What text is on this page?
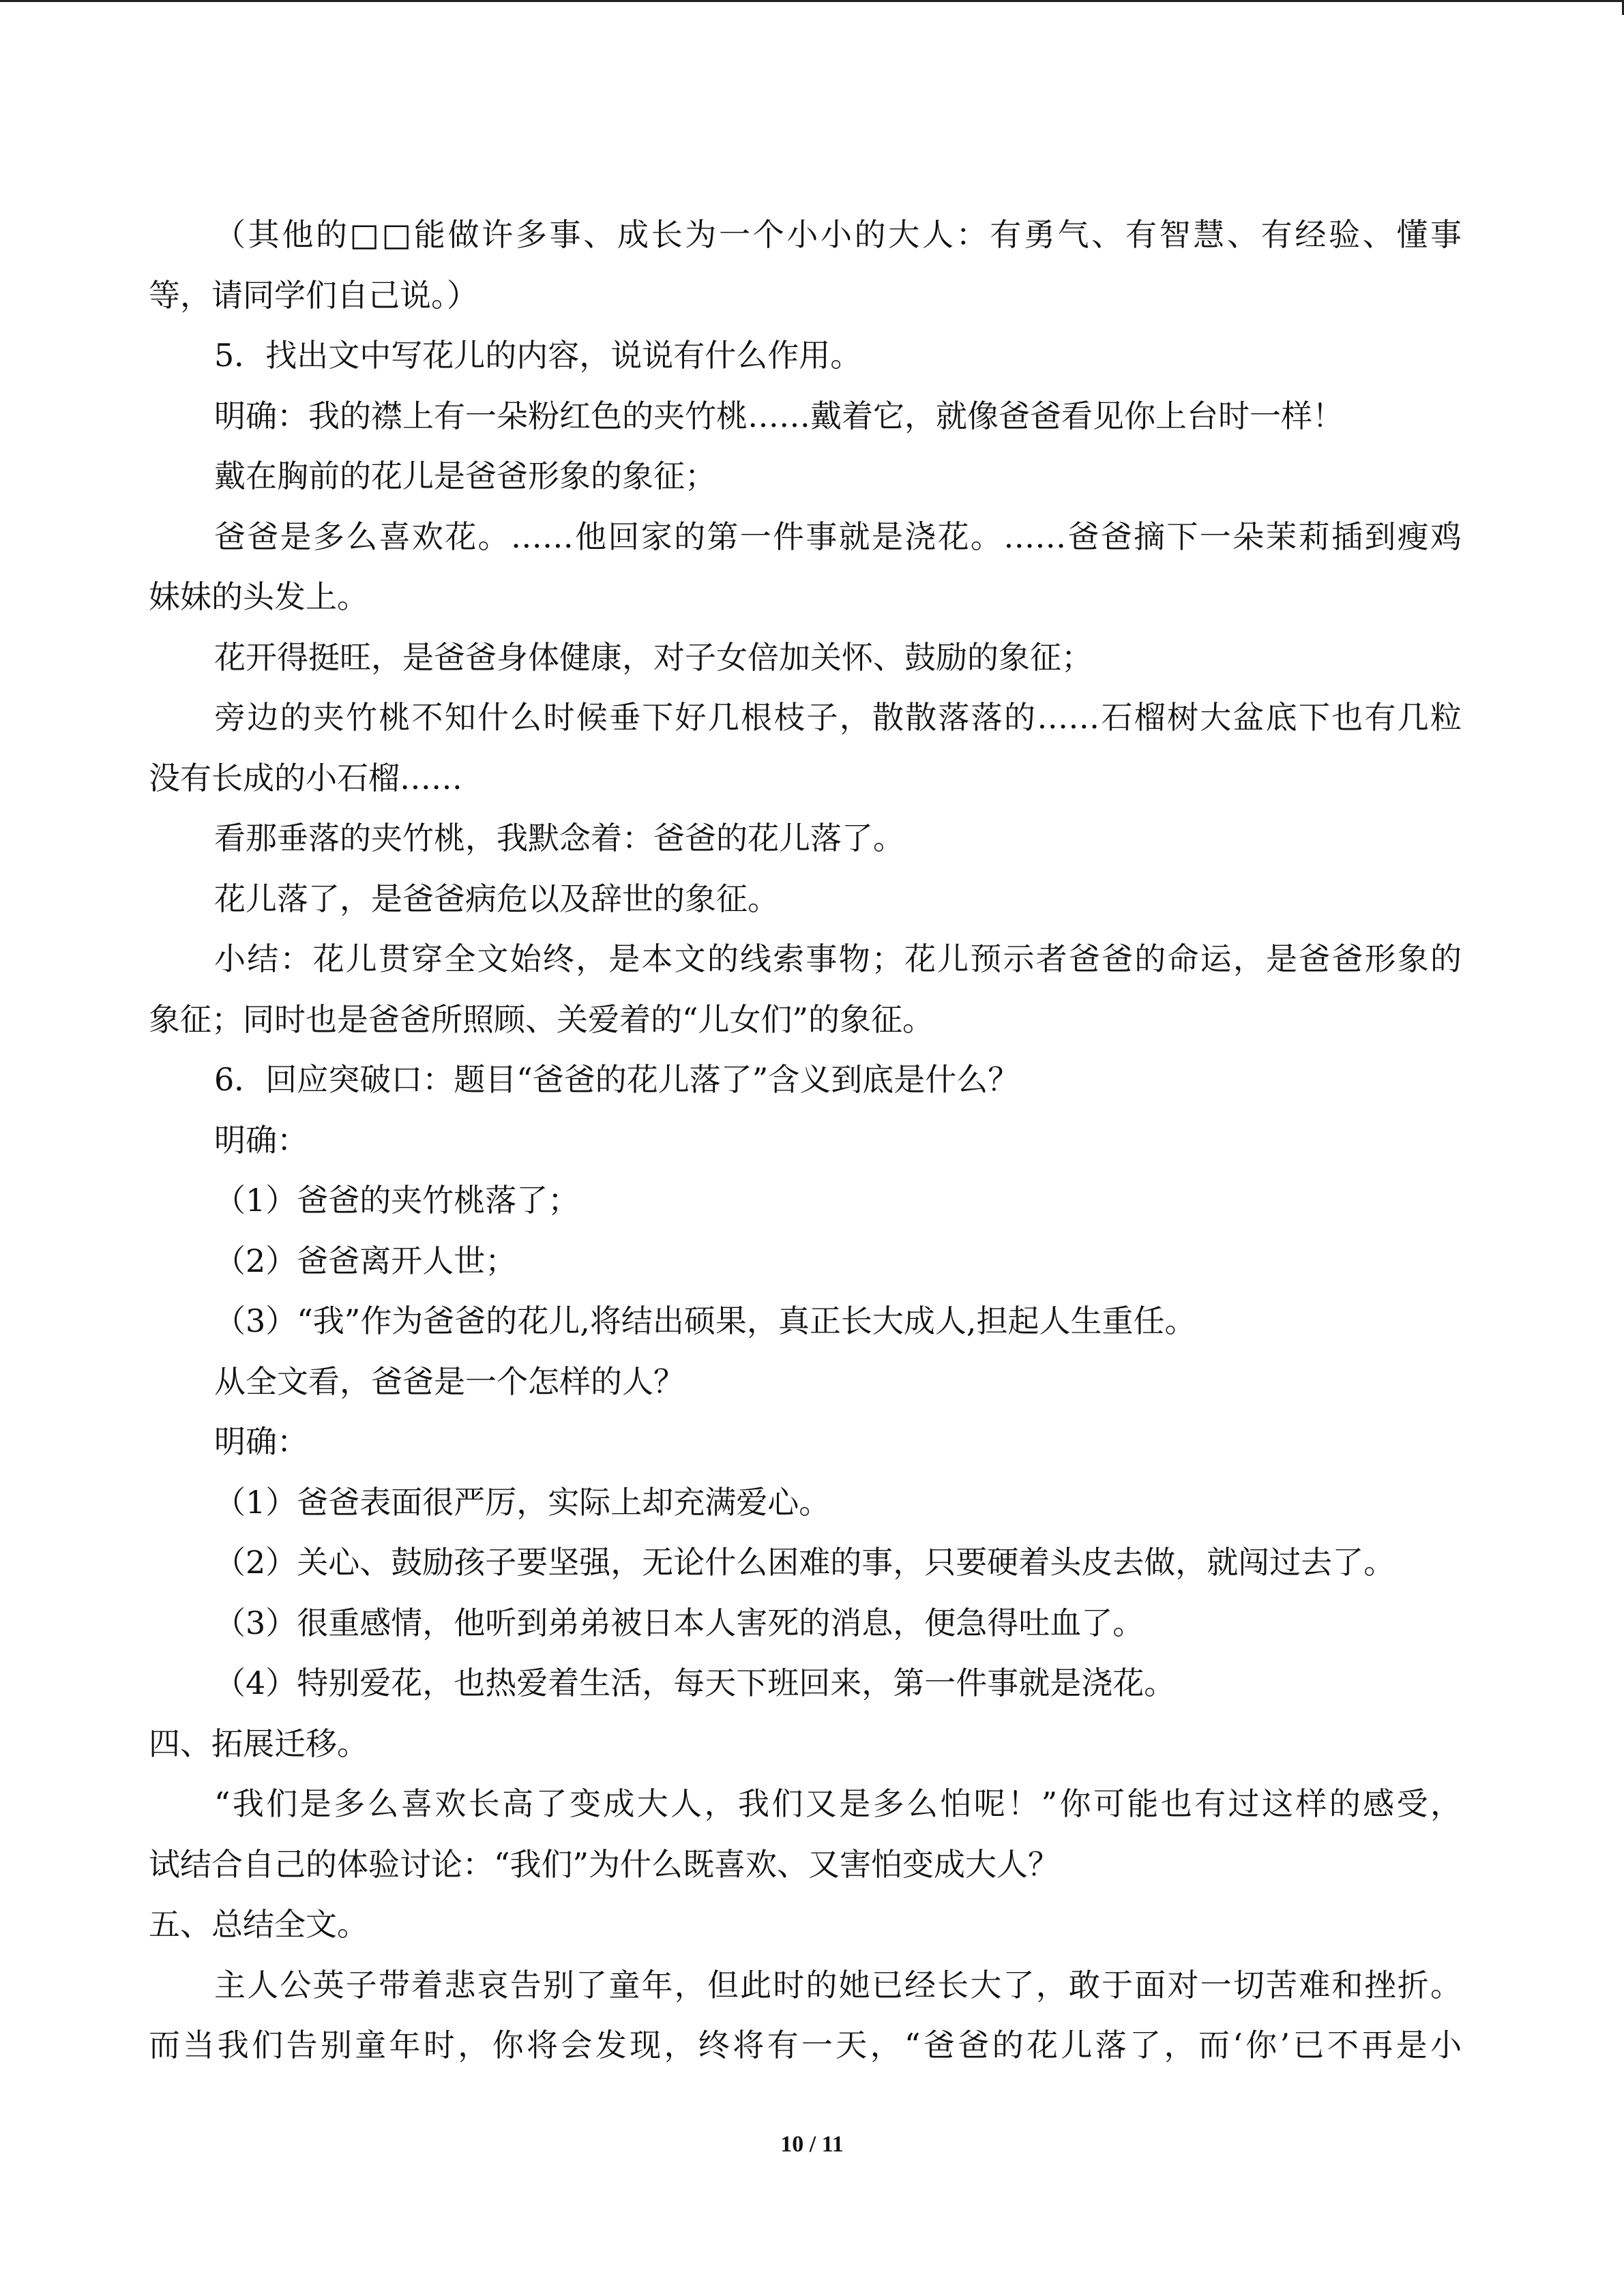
（其他的□□能做许多事、成长为一个小小的大人：有勇气、有智慧、有经验、懂事
等，请同学们自己说。）
5．找出文中写花儿的内容，说说有什么作用。
明确：我的襟上有一朵粉红色的夹竹桃……戴着它，就像爸爸看见你上台时一样！
戴在胸前的花儿是爸爸形象的象征；
爸爸是多么喜欢花。……他回家的第一件事就是浇花。……爸爸摘下一朵茉莉插到瘦鸡
妹妹的头发上。
花开得挺旺，是爸爸身体健康，对子女倍加关怀、鼓励的象征；
旁边的夹竹桃不知什么时候垂下好几根枝子，散散落落的……石榴树大盆底下也有几粒
没有长成的小石榴……
看那垂落的夹竹桃，我默念着：爸爸的花儿落了。
花儿落了，是爸爸病危以及辞世的象征。
小结：花儿贯穿全文始终，是本文的线索事物；花儿预示者爸爸的命运，是爸爸形象的
象征；同时也是爸爸所照顾、关爱着的“儿女们”的象征。
6．回应突破口：题目“爸爸的花儿落了”含义到底是什么？
明确：
（1）爸爸的夹竹桃落了；
（2）爸爸离开人世；
（3）“我”作为爸爸的花儿,将结出硕果，真正长大成人,担起人生重任。
从全文看，爸爸是一个怎样的人？
明确：
（1）爸爸表面很严厉，实际上却充满爱心。
（2）关心、鼓励孩子要坚强，无论什么困难的事，只要硬着头皮去做，就闯过去了。
（3）很重感情，他听到弟弟被日本人害死的消息，便急得吐血了。
（4）特别爱花，也热爱着生活，每天下班回来，第一件事就是浇花。
四、拓展迁移。
“我们是多么喜欢长高了变成大人，我们又是多么怕呢！”你可能也有过这样的感受，
试结合自己的体验讨论：“我们”为什么既喜欢、又害怕变成大人？
五、总结全文。
主人公英子带着悲哀告别了童年，但此时的她已经长大了，敢于面对一切苦难和挫折。
而当我们告别童年时，你将会发现，终将有一天，“爸爸的花儿落了，而‘你’已不再是小
10 / 11
